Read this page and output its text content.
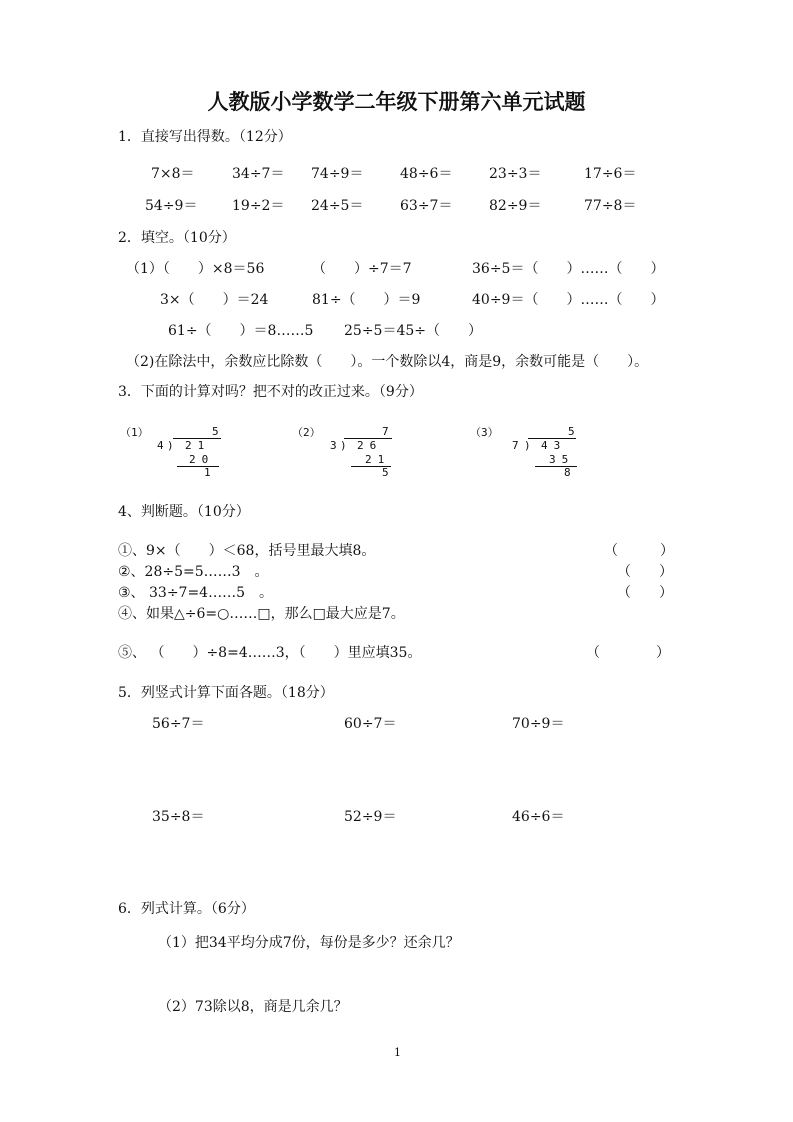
人教版小学数学二年级下册第六单元试题
1．直接写出得数。（12分）
7×8＝	34÷7＝ 74÷9＝	48÷6＝	23÷3＝	17÷6＝
54÷9＝ 19÷2＝ 24÷5＝	63÷7＝	82÷9＝	77÷8＝
2．填空。（10分）
（1）（　　）×8＝56	（　　）÷7＝7	36÷5＝（　　）……（　　）
3×（　　）＝24	81÷（　　）＝9	40÷9＝（　　）……（　　）
61÷（　　）＝8……5 25÷5＝45÷（　　）
（2)在除法中，余数应比除数（　　）。一个数除以4，商是9，余数可能是（　　）。
3．下面的计算对吗？把不对的改正过来。（9分）
（1）	5
4 ) 21
20
1
（2）	7
3 ) 26
21
5
（3）	5
7 ) 43
35
8
4、判断题。（10分）
①、9×（　　）＜68，括号里最大填8。	（　　　）
②、28÷5=5……3　。	（　　）
③、 33÷7=4……5　。	（　　）
④、如果△÷6=○……□，那么□最大应是7。
⑤、 （　　）÷8=4……3，（　　）里应填35。	（　　　　）
5．列竖式计算下面各题。（18分）
56÷7＝	60÷7＝	70÷9＝
35÷8＝	52÷9＝	46÷6＝
6．列式计算。（6分）
（1）把34平均分成7份，每份是多少？还余几？
（2）73除以8，商是几余几？
1
